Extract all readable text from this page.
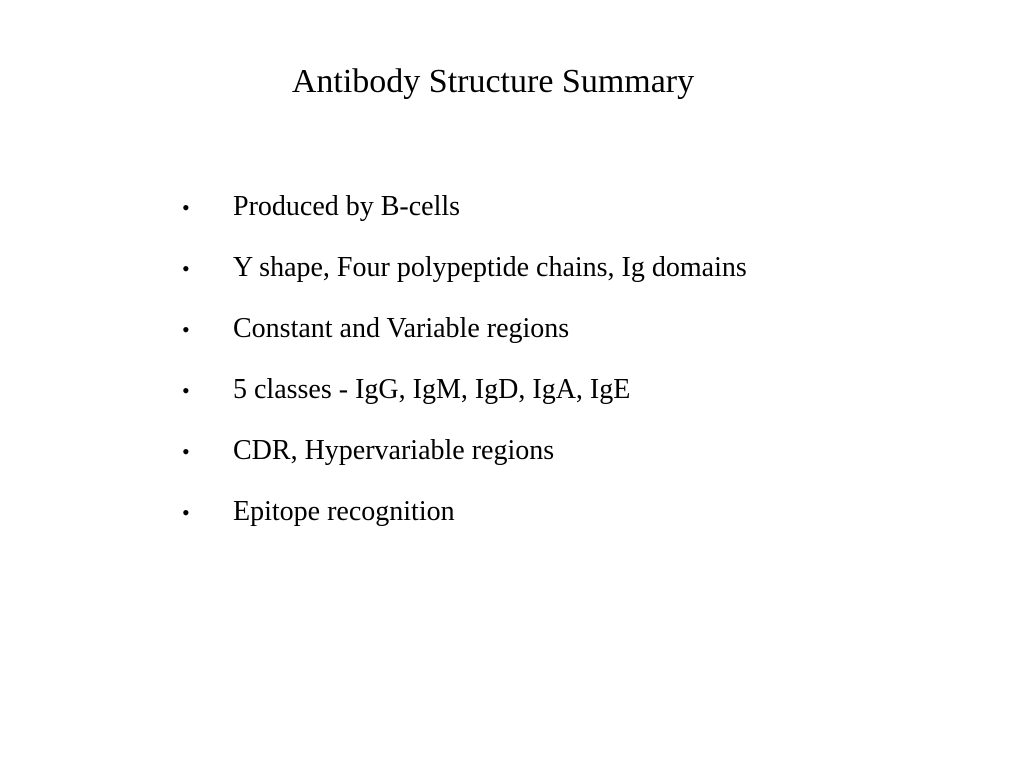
Antibody Structure Summary
•	Produced by B-cells
•	Y shape, Four polypeptide chains, Ig domains
•	Constant and Variable regions
•	5 classes - IgG, IgM, IgD, IgA, IgE
•	CDR, Hypervariable regions
•	Epitope recognition
